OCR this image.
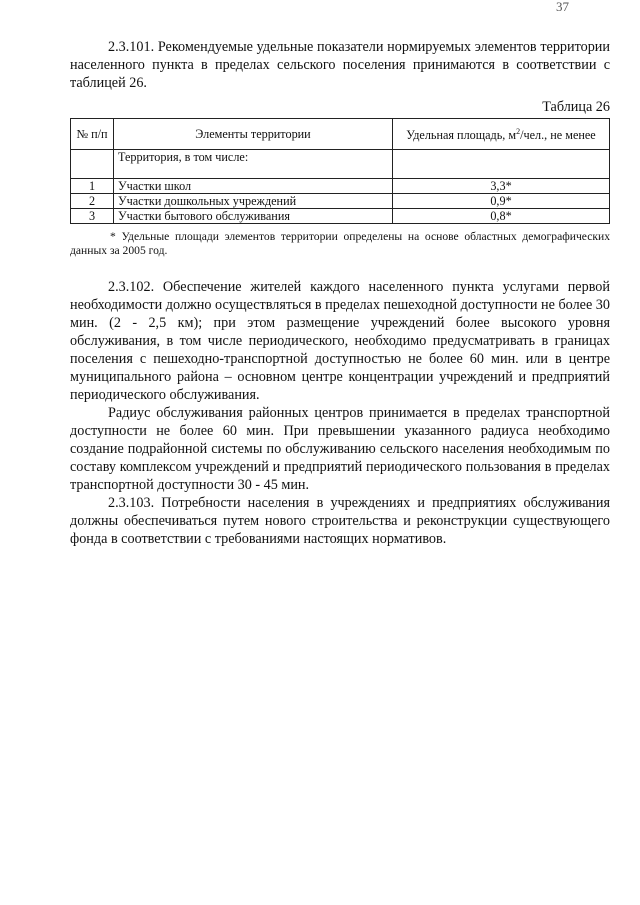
37

2.3.101. Рекомендуемые удельные показатели нормируемых элементов территории населенного пункта в пределах сельского поселения принимаются в соответствии с таблицей 26.

Таблица 26
№ п/п	Элементы территории	Удельная площадь, $м^2$/чел., не менее
	Территория, в том числе:	
1	Участки школ	3,3*
2	Участки дошкольных учреждений	0,9*
3	Участки бытового обслуживания	0,8*

* Удельные площади элементов территории определены на основе областных демографических данных за 2005 год.

2.3.102. Обеспечение жителей каждого населенного пункта услугами первой необходимости должно осуществляться в пределах пешеходной доступности не более 30 мин. (2 - 2,5 км); при этом размещение учреждений более высокого уровня обслуживания, в том числе периодического, необходимо предусматривать в границах поселения с пешеходно-транспортной доступностью не более 60 мин. или в центре муниципального района – основном центре концентрации учреждений и предприятий периодического обслуживания.

Радиус обслуживания районных центров принимается в пределах транспортной доступности не более 60 мин. При превышении указанного радиуса необходимо создание подрайонной системы по обслуживанию сельского населения необходимым по составу комплексом учреждений и предприятий периодического пользования в пределах транспортной доступности 30 - 45 мин.

2.3.103. Потребности населения в учреждениях и предприятиях обслуживания должны обеспечиваться путем нового строительства и реконструкции существующего фонда в соответствии с требованиями настоящих нормативов.
